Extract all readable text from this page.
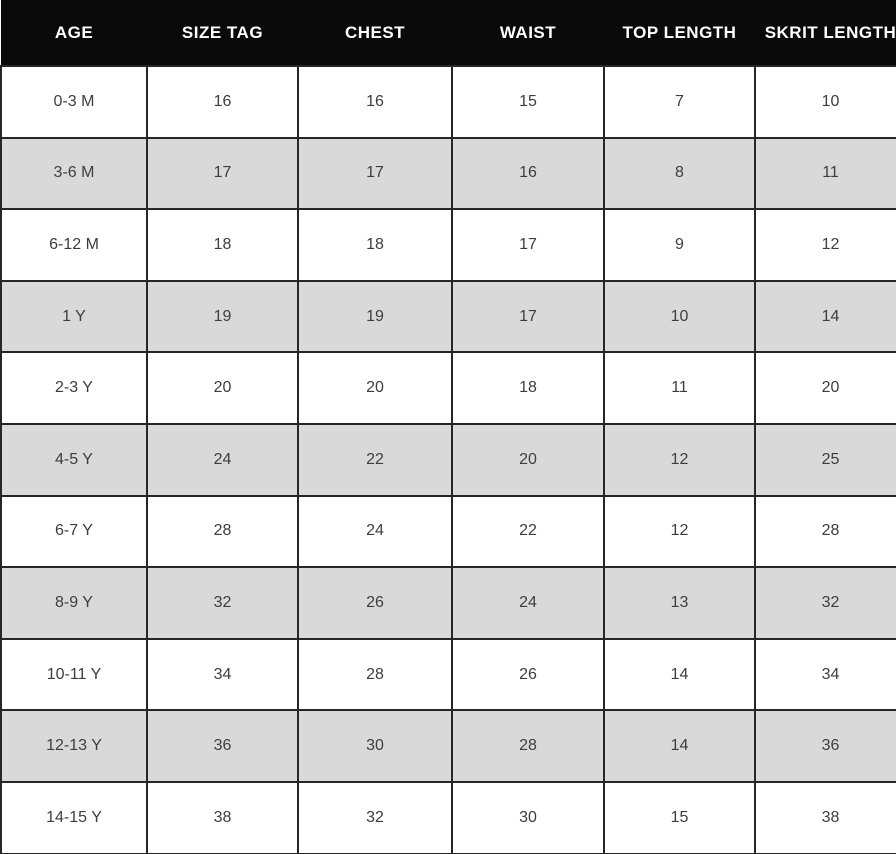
AGE	SIZE TAG	CHEST	WAIST	TOP LENGTH	SKRIT LENGTH
0-3 M	16	16	15	7	10
3-6 M	17	17	16	8	11
6-12 M	18	18	17	9	12
1 Y	19	19	17	10	14
2-3 Y	20	20	18	11	20
4-5 Y	24	22	20	12	25
6-7 Y	28	24	22	12	28
8-9 Y	32	26	24	13	32
10-11 Y	34	28	26	14	34
12-13 Y	36	30	28	14	36
14-15 Y	38	32	30	15	38
